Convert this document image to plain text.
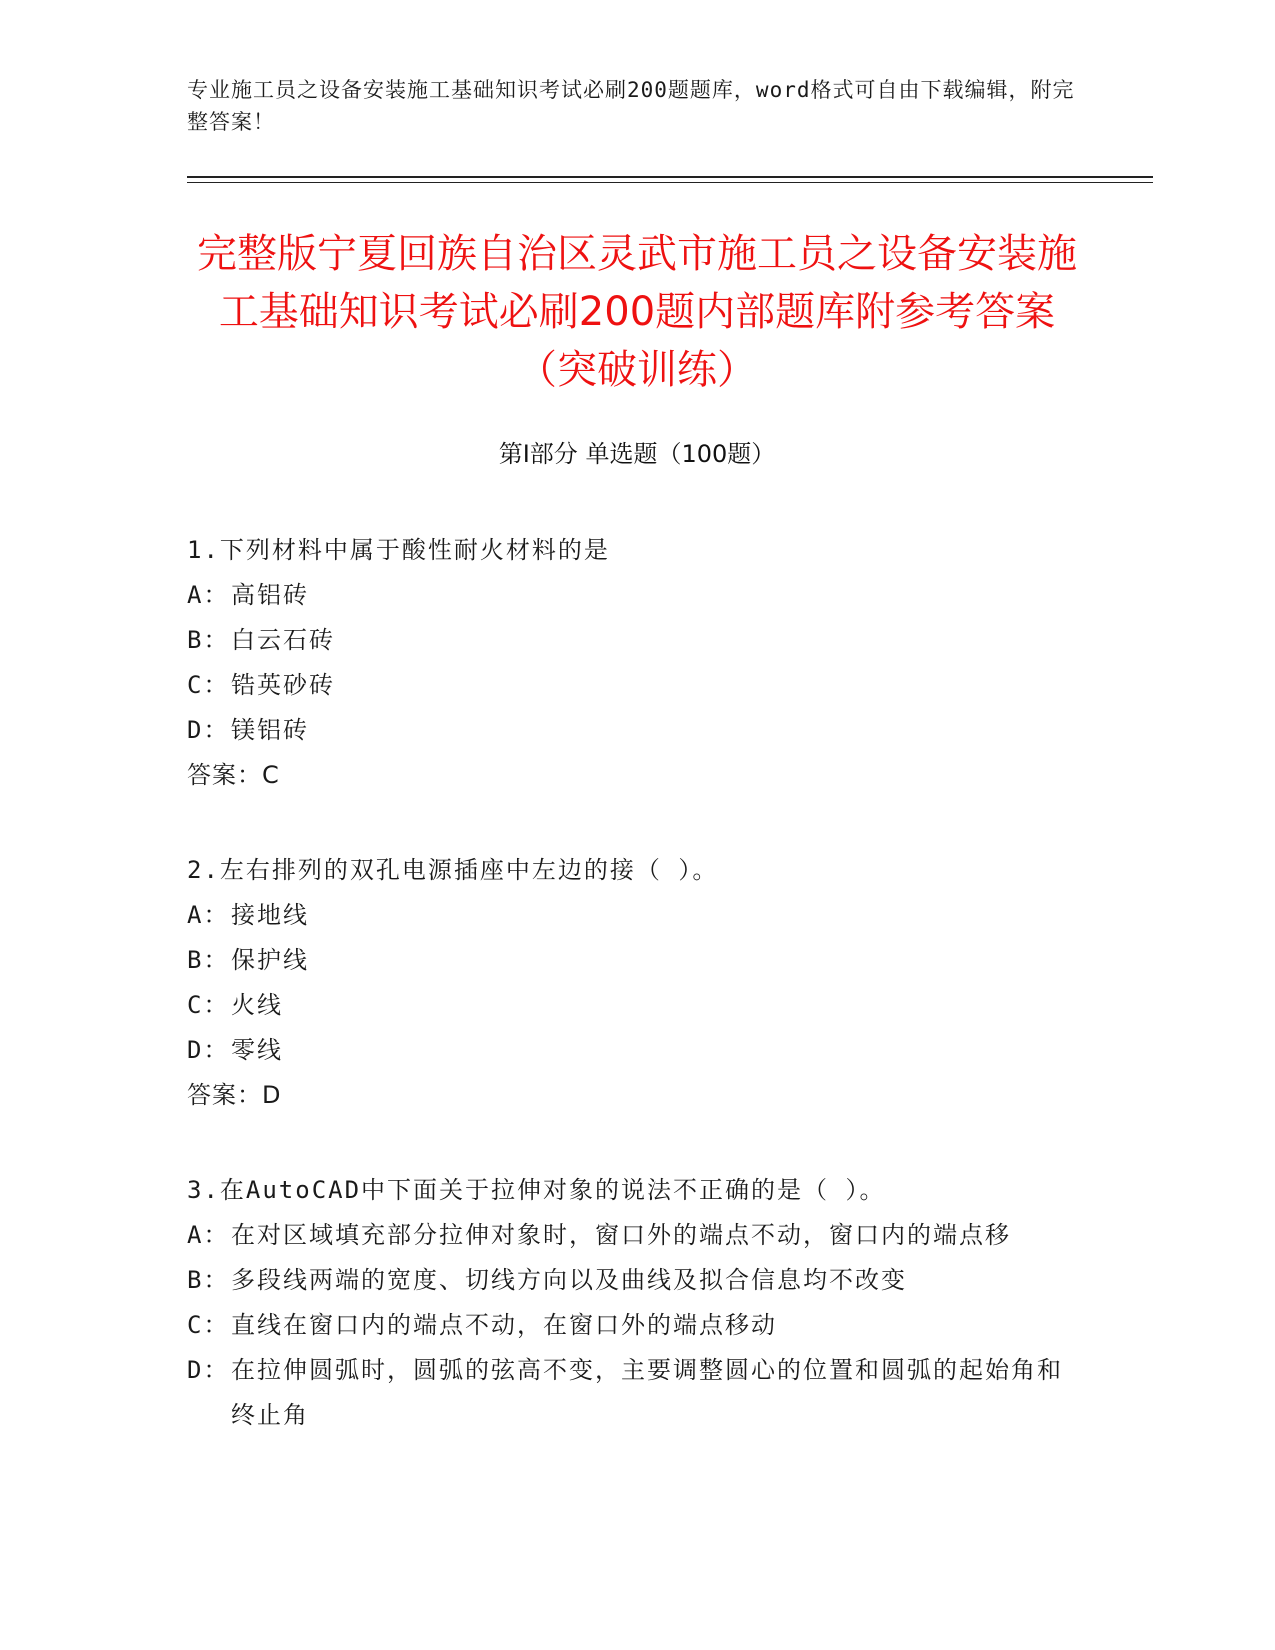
专业施工员之设备安装施工基础知识考试必刷200题题库，word格式可自由下载编辑，附完整答案！
完整版宁夏回族自治区灵武市施工员之设备安装施工基础知识考试必刷200题内部题库附参考答案（突破训练）
第Ⅰ部分 单选题（100题）
1.下列材料中属于酸性耐火材料的是
A： 高铝砖
B： 白云石砖
C： 锆英砂砖
D： 镁铝砖
答案：C
2.左右排列的双孔电源插座中左边的接（ ）。
A： 接地线
B： 保护线
C： 火线
D： 零线
答案：D
3.在AutoCAD中下面关于拉伸对象的说法不正确的是（ ）。
A： 在对区域填充部分拉伸对象时，窗口外的端点不动，窗口内的端点移
B： 多段线两端的宽度、切线方向以及曲线及拟合信息均不改变
C： 直线在窗口内的端点不动，在窗口外的端点移动
D： 在拉伸圆弧时，圆弧的弦高不变，主要调整圆心的位置和圆弧的起始角和终止角
